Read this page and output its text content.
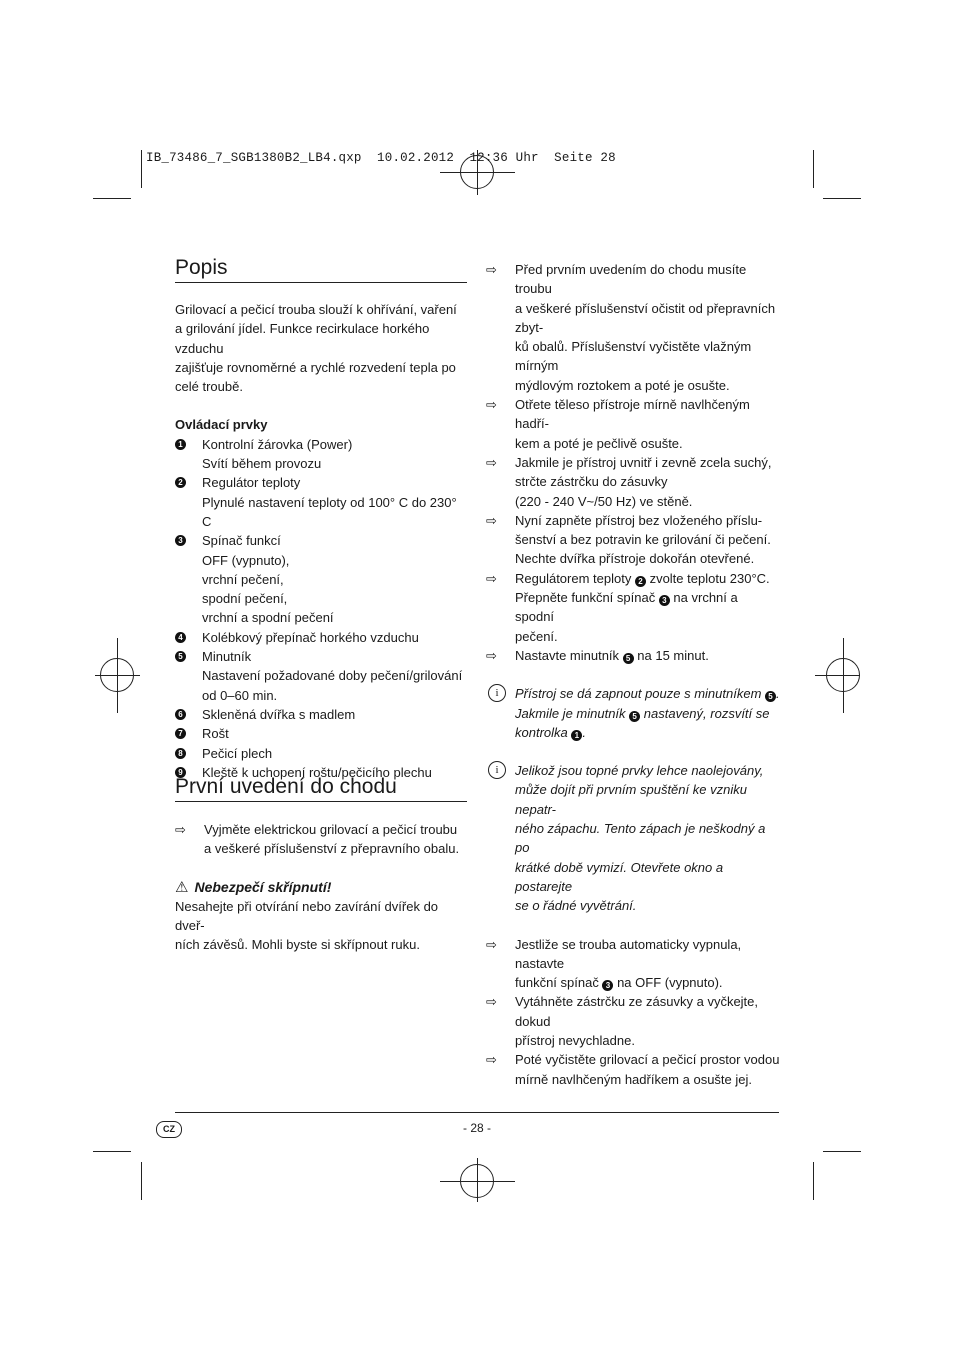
IB_73486_7_SGB1380B2_LB4.qxp  10.02.2012  12:36 Uhr  Seite 28
Popis

Grilovací a pečicí trouba slouží k ohřívání, vaření

a grilování jídel. Funkce recirkulace horkého vzduchu

zajišťuje rovnoměrné a rychlé rozvedení tepla po

celé troubě.

Ovládací prvky

1 Kontrolní žárovka (Power)
Svítí během provozu
2 Regulátor teploty
Plynulé nastavení teploty od 100° C do 230° C
3 Spínač funkcí
OFF (vypnuto),
vrchní pečení,
spodní pečení,
vrchní a spodní pečení
4 Kolébkový přepínač horkého vzduchu
5 Minutník
Nastavení požadované doby pečení/grilování
od 0–60 min.
6 Skleněná dvířka s madlem
7 Rošt
8 Pečicí plech
9 Kleště k uchopení roštu/pečicího plechu
První uvedení do chodu
⇨ Vyjměte elektrickou grilovací a pečicí troubu

a veškeré příslušenství z přepravního obalu.

⚠ Nebezpečí skřípnutí!

Nesahejte při otvírání nebo zavírání dvířek do dveř-

ních závěsů. Mohli byste si skřípnout ruku.

⇨ Před prvním uvedením do chodu musíte troubu

a veškeré příslušenství očistit od přepravních zbyt-

ků obalů. Příslušenství vyčistěte vlažným mírným

mýdlovým roztokem a poté je osušte.

⇨ Otřete těleso přístroje mírně navlhčeným hadří-

kem a poté je pečlivě osušte.

⇨ Jakmile je přístroj uvnitř i zevně zcela suchý,

strčte zástrčku do zásuvky

(220 - 240 V~/50 Hz) ve stěně.

⇨ Nyní zapněte přístroj bez vloženého příslu-

šenství a bez potravin ke grilování či pečení.

Nechte dvířka přístroje dokořán otevřené.

⇨ Regulátorem teploty 2 zvolte teplotu 230°C.

Přepněte funkční spínač 3 na vrchní a spodní

pečení.

⇨ Nastavte minutník 5 na 15 minut.

i	Přístroj se dá zapnout pouze s minutníkem 5 .

Jakmile je minutník 5 nastavený, rozsvítí se

kontrolka 1 .

i	Jelikož jsou topné prvky lehce naolejovány,

může dojít při prvním spuštění ke vzniku nepatr-

ného zápachu. Tento zápach je neškodný a po

krátké době vymizí. Otevřete okno a postarejte

se o řádné vyvětrání.

⇨ Jestliže se trouba automaticky vypnula, nastavte

funkční spínač 3 na OFF (vypnuto).

⇨ Vytáhněte zástrčku ze zásuvky a vyčkejte, dokud

přístroj nevychladne.

⇨ Poté vyčistěte grilovací a pečicí prostor vodou

mírně navlhčeným hadříkem a osušte jej.

CZ	- 28 -
